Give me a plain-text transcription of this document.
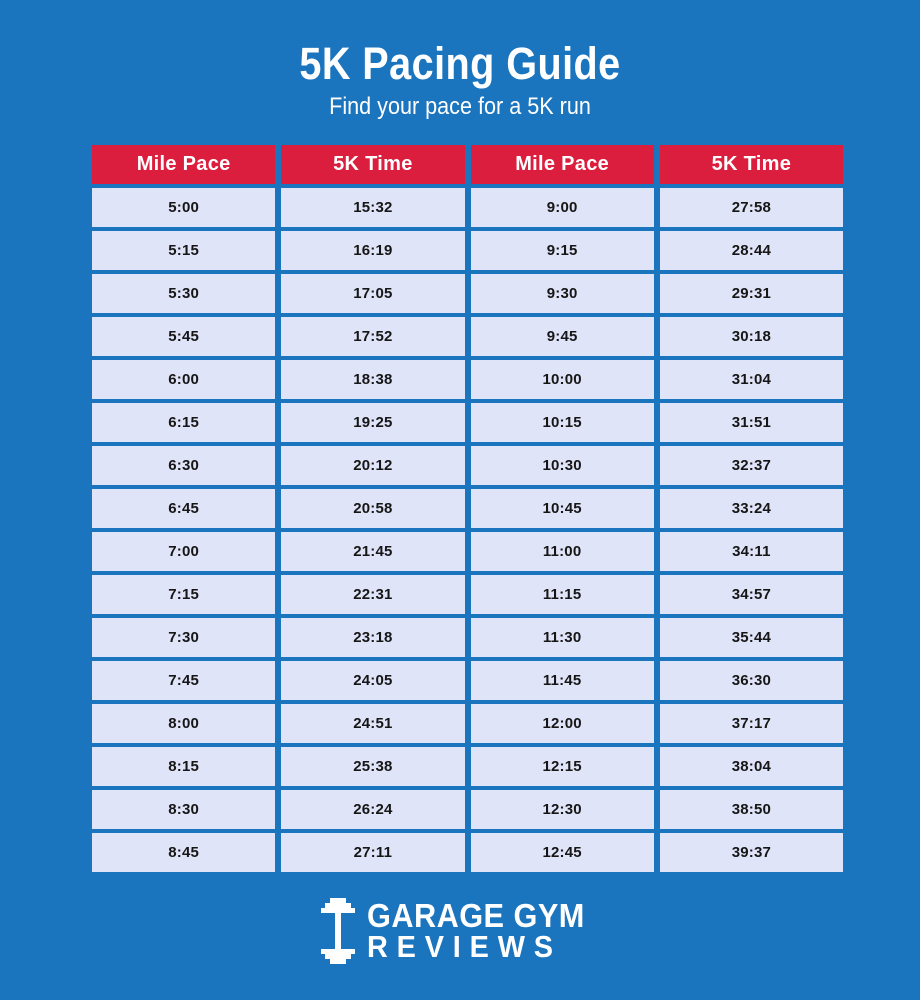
5K Pacing Guide

Find your pace for a 5K run

Mile Pace	5K Time	Mile Pace	5K Time
5:00	15:32	9:00	27:58
5:15	16:19	9:15	28:44
5:30	17:05	9:30	29:31
5:45	17:52	9:45	30:18
6:00	18:38	10:00	31:04
6:15	19:25	10:15	31:51
6:30	20:12	10:30	32:37
6:45	20:58	10:45	33:24
7:00	21:45	11:00	34:11
7:15	22:31	11:15	34:57
7:30	23:18	11:30	35:44
7:45	24:05	11:45	36:30
8:00	24:51	12:00	37:17
8:15	25:38	12:15	38:04
8:30	26:24	12:30	38:50
8:45	27:11	12:45	39:37
GARAGE GYM
REVIEWS
